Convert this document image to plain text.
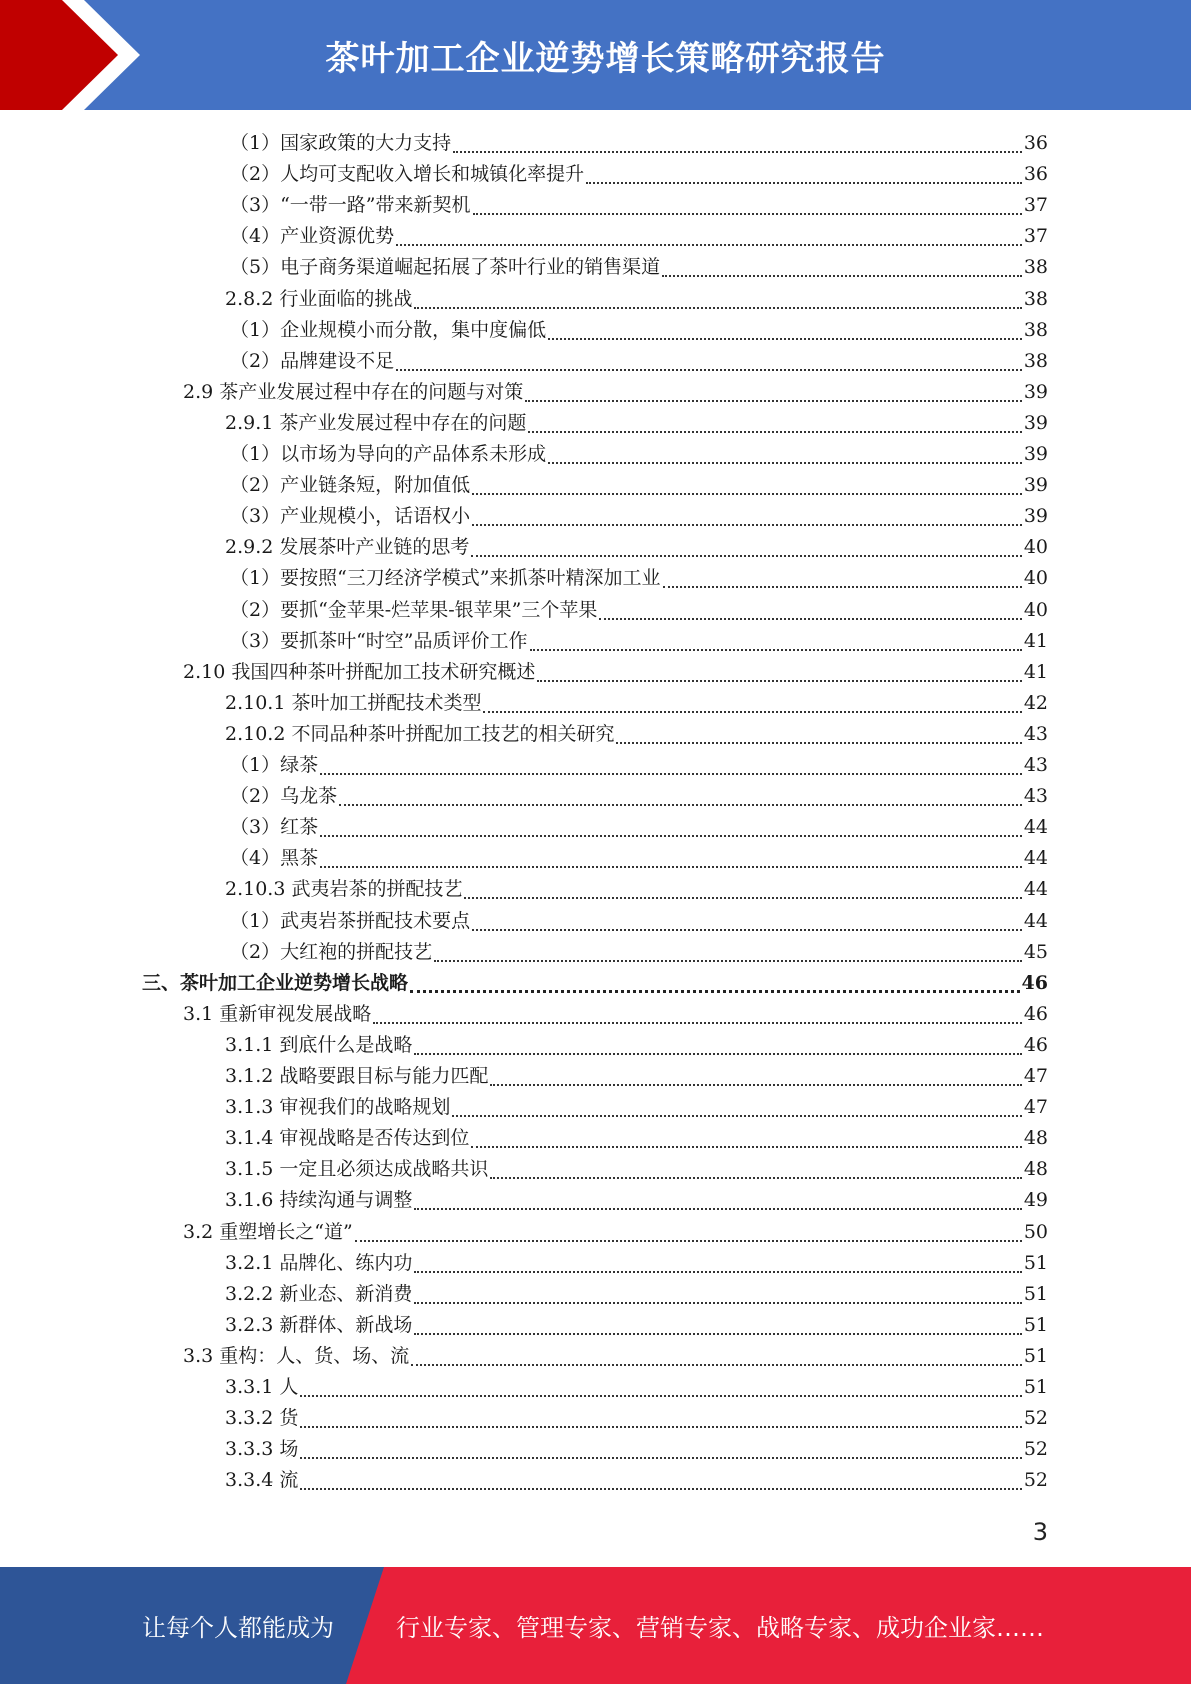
茶叶加工企业逆势增长策略研究报告
（1）国家政策的大力支持	36
（2）人均可支配收入增长和城镇化率提升	36
（3）“一带一路”带来新契机	37
（4）产业资源优势	37
（5）电子商务渠道崛起拓展了茶叶行业的销售渠道	38
2.8.2 行业面临的挑战	38
（1）企业规模小而分散，集中度偏低	38
（2）品牌建设不足	38
2.9 茶产业发展过程中存在的问题与对策	39
2.9.1 茶产业发展过程中存在的问题	39
（1）以市场为导向的产品体系未形成	39
（2）产业链条短，附加值低	39
（3）产业规模小，话语权小	39
2.9.2 发展茶叶产业链的思考	40
（1）要按照“三刀经济学模式”来抓茶叶精深加工业	40
（2）要抓“金苹果-烂苹果-银苹果”三个苹果	40
（3）要抓茶叶“时空”品质评价工作	41
2.10 我国四种茶叶拼配加工技术研究概述	41
2.10.1 茶叶加工拼配技术类型	42
2.10.2 不同品种茶叶拼配加工技艺的相关研究	43
（1）绿茶	43
（2）乌龙茶	43
（3）红茶	44
（4）黑茶	44
2.10.3 武夷岩茶的拼配技艺	44
（1）武夷岩茶拼配技术要点	44
（2）大红袍的拼配技艺	45
三、茶叶加工企业逆势增长战略	46
3.1 重新审视发展战略	46
3.1.1 到底什么是战略	46
3.1.2 战略要跟目标与能力匹配	47
3.1.3 审视我们的战略规划	47
3.1.4 审视战略是否传达到位	48
3.1.5 一定且必须达成战略共识	48
3.1.6 持续沟通与调整	49
3.2 重塑增长之“道”	50
3.2.1 品牌化、练内功	51
3.2.2 新业态、新消费	51
3.2.3 新群体、新战场	51
3.3 重构：人、货、场、流	51
3.3.1 人	51
3.3.2 货	52
3.3.3 场	52
3.3.4 流	52
3
让每个人都能成为	行业专家、管理专家、营销专家、战略专家、成功企业家……
